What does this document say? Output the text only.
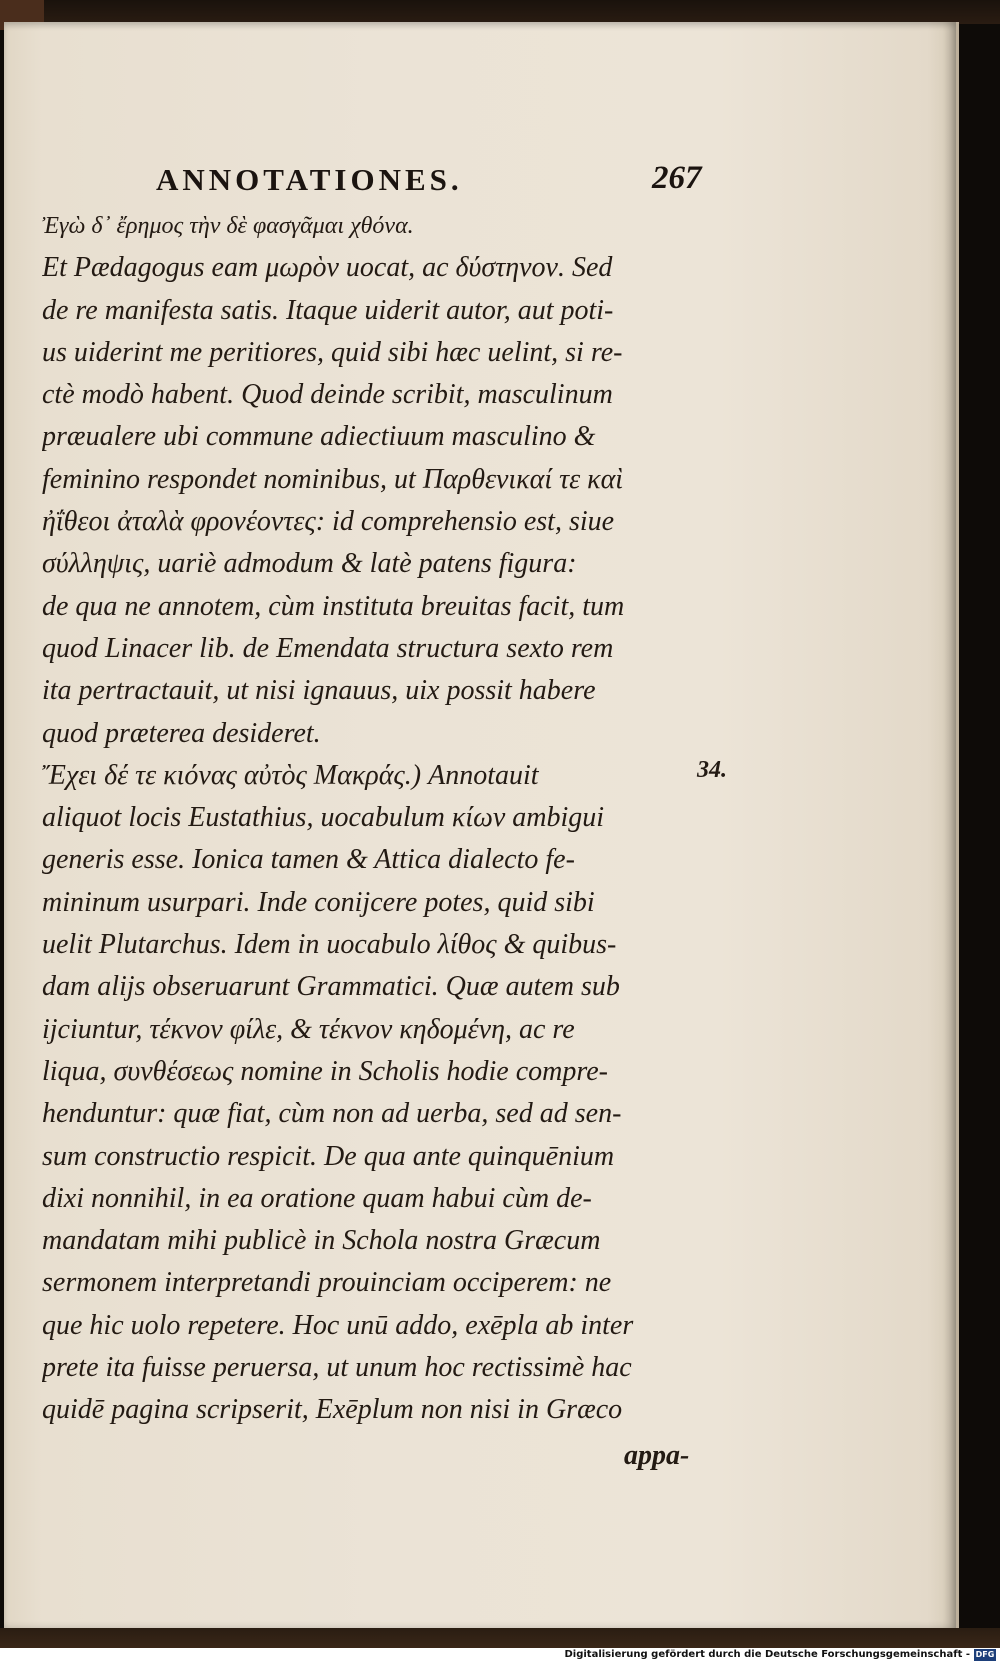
ANNOTATIONES.	267
Ἐγὼ δ᾽ ἔρημος τὴν δὲ φασγᾶμαι χθόνα.
Et Pædagogus eam μωρὸν uocat, ac δύστηνον. Sed
de re manifesta satis. Itaque uiderit autor, aut poti-
us uiderint me peritiores, quid sibi hæc uelint, si re-
ctè modò habent. Quod deinde scribit, masculinum
præualere ubi commune adiectiuum masculino &
feminino respondet nominibus, ut Παρθενικαί τε καὶ
ἠΐθεοι ἀταλὰ φρονέοντες: id comprehensio est, siue
σύλληψις, uariè admodum & latè patens figura:
de qua ne annotem, cùm instituta breuitas facit, tum
quod Linacer lib. de Emendata structura sexto rem
ita pertractauit, ut nisi ignauus, uix possit habere
quod præterea desideret.
Ἔχει δέ τε κιόνας αὐτὸς Μακράς.) Annotauit
aliquot locis Eustathius, uocabulum κίων ambigui
generis esse. Ionica tamen & Attica dialecto fe-
mininum usurpari. Inde conijcere potes, quid sibi
uelit Plutarchus. Idem in uocabulo λίθος & quibus-
dam alijs obseruarunt Grammatici. Quæ autem sub
ijciuntur, τέκνον φίλε, & τέκνον κηδομένη, ac re
liqua, συνθέσεως nomine in Scholis hodie compre-
henduntur: quæ fiat, cùm non ad uerba, sed ad sen-
sum constructio respicit. De qua ante quinquēnium
dixi nonnihil, in ea oratione quam habui cùm de-
mandatam mihi publicè in Schola nostra Græcum
sermonem interpretandi prouinciam occiperem: ne
que hic uolo repetere. Hoc unū addo, exēpla ab inter
prete ita fuisse peruersa, ut unum hoc rectissimè hac
quidē pagina scripserit, Exēplum non nisi in Græco
34.
appa-
Digitalisierung gefördert durch die Deutsche Forschungsgemeinschaft - DFG
